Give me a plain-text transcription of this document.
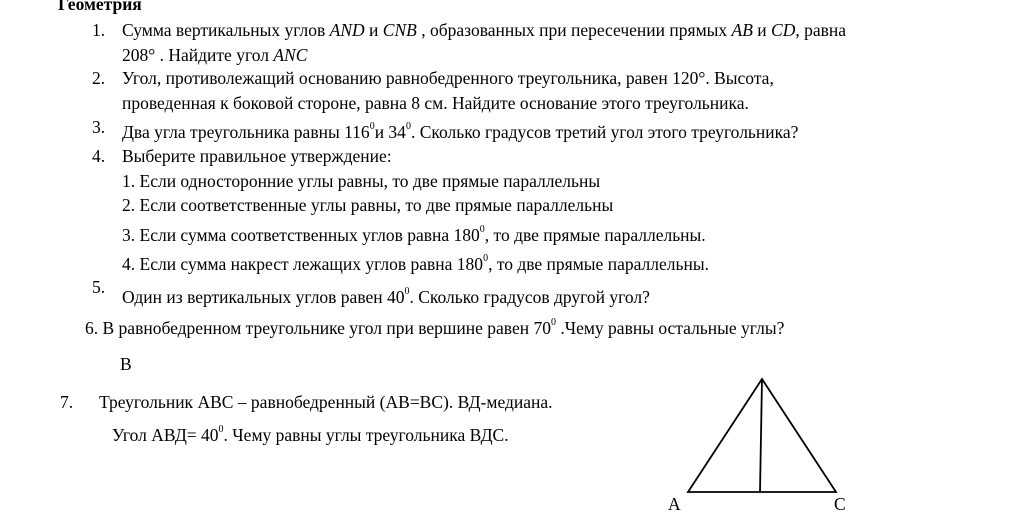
Геометрия
1. Сумма вертикальных углов AND и CNB , образованных при пересечении прямых AB и CD, равна
208° . Найдите угол ANC
2. Угол, противолежащий основанию равнобедренного треугольника, равен 120°. Высота,
проведенная к боковой стороне, равна 8 см. Найдите основание этого треугольника.
3. Два угла треугольника равны $116^0и$ $34^0$. Сколько градусов третий угол этого треугольника?
4. Выберите правильное утверждение:
1. Если односторонние углы равны, то две прямые параллельны
2. Если соответственные углы равны, то две прямые параллельны
3. Если сумма соответственных углов равна $180^0$, то две прямые параллельны.
4. Если сумма накрест лежащих углов равна $180^0$, то две прямые параллельны.
5. Один из вертикальных углов равен $40^0$. Сколько градусов другой угол?
6. В равнобедренном треугольнике угол при вершине равен $70^0$ .Чему равны остальные углы?
В
7. Треугольник ABC – равнобедренный (AB=BC). ВД-медиана.
Угол $АВД= 40^0$. Чему равны углы треугольника ВДС.
A	C
